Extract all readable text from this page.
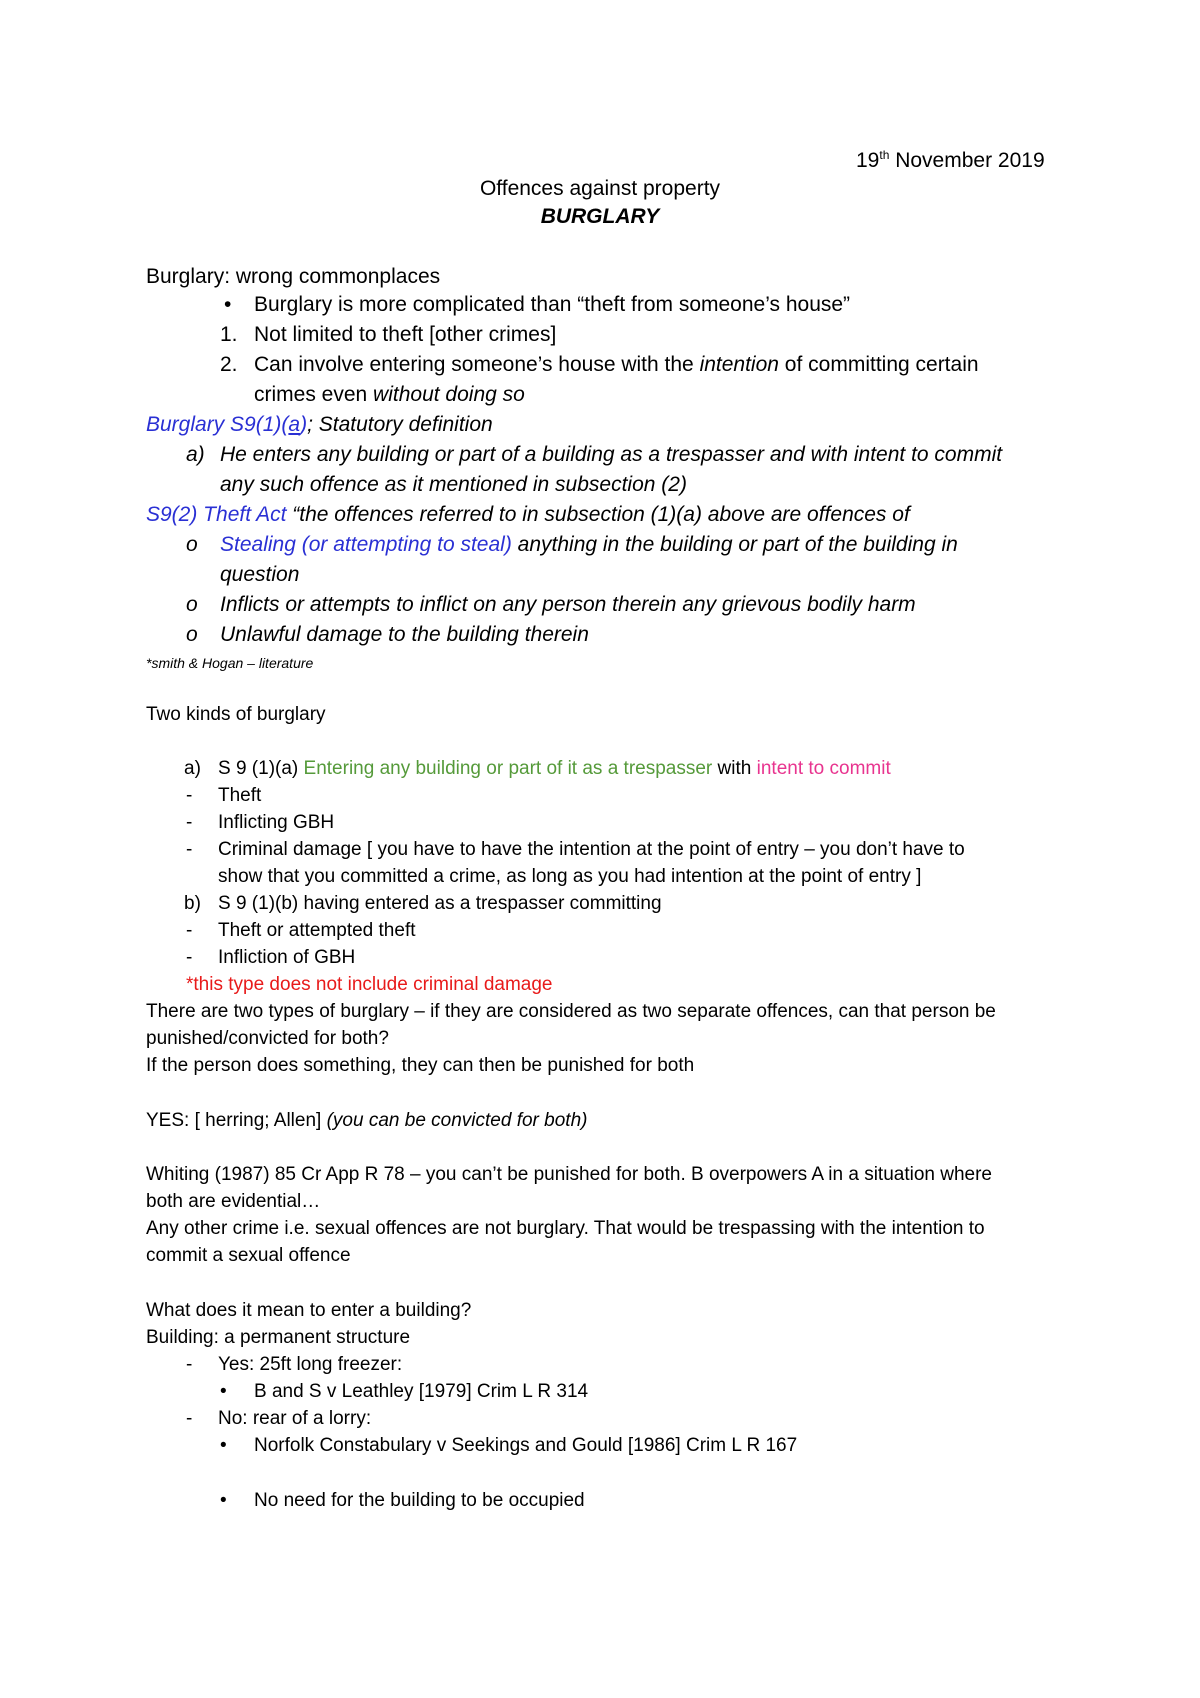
19th November 2019
Offences against property
BURGLARY
Burglary: wrong commonplaces
• Burglary is more complicated than “theft from someone’s house”
1. Not limited to theft [other crimes]
2. Can involve entering someone’s house with the intention of committing certain
crimes even without doing so
Burglary S9(1)(a); Statutory definition
a) He enters any building or part of a building as a trespasser and with intent to commit
any such offence as it mentioned in subsection (2)
S9(2) Theft Act “the offences referred to in subsection (1)(a) above are offences of
o Stealing (or attempting to steal) anything in the building or part of the building in
question
o Inflicts or attempts to inflict on any person therein any grievous bodily harm
o Unlawful damage to the building therein
*smith & Hogan – literature
Two kinds of burglary
a) S 9 (1)(a) Entering any building or part of it as a trespasser with intent to commit
- Theft
- Inflicting GBH
- Criminal damage [ you have to have the intention at the point of entry – you don’t have to
show that you committed a crime, as long as you had intention at the point of entry ]
b) S 9 (1)(b) having entered as a trespasser committing
- Theft or attempted theft
- Infliction of GBH
*this type does not include criminal damage
There are two types of burglary – if they are considered as two separate offences, can that person be
punished/convicted for both?
If the person does something, they can then be punished for both
YES: [ herring; Allen] (you can be convicted for both)
Whiting (1987) 85 Cr App R 78 – you can’t be punished for both. B overpowers A in a situation where
both are evidential…
Any other crime i.e. sexual offences are not burglary. That would be trespassing with the intention to
commit a sexual offence
What does it mean to enter a building?
Building: a permanent structure
- Yes: 25ft long freezer:
• B and S v Leathley [1979] Crim L R 314
- No: rear of a lorry:
• Norfolk Constabulary v Seekings and Gould [1986] Crim L R 167
• No need for the building to be occupied
